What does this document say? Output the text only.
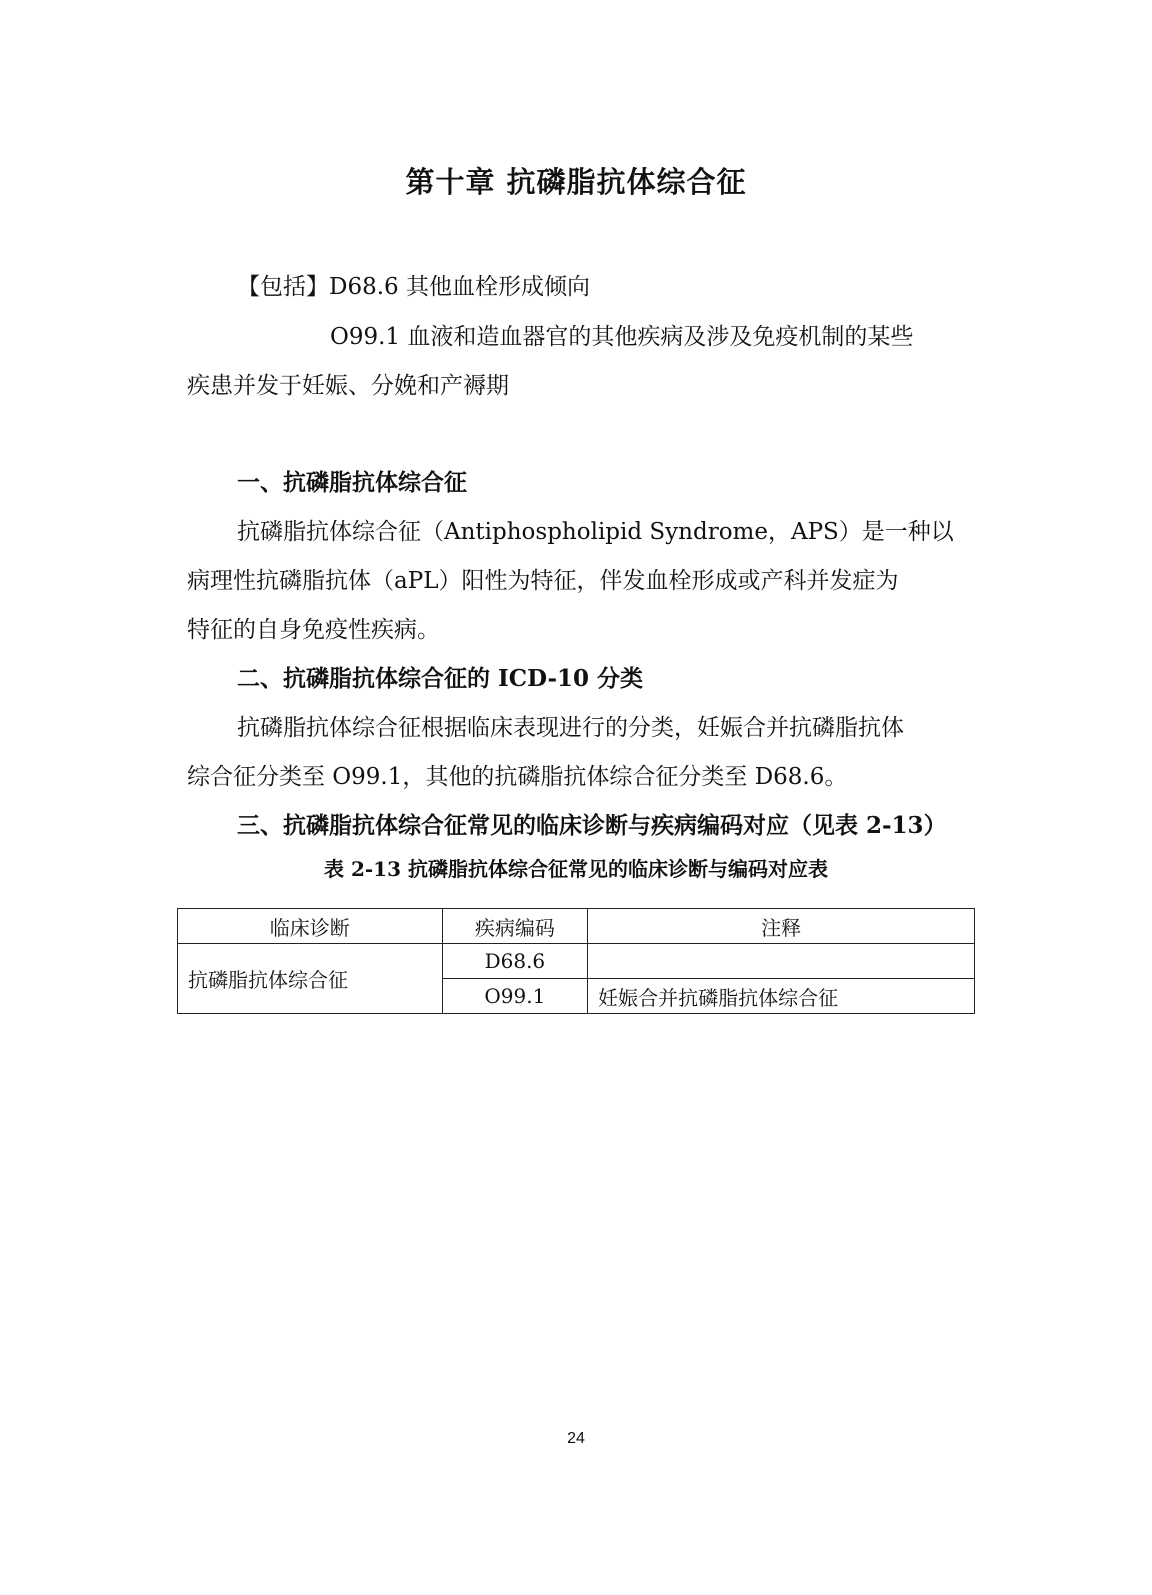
第十章 抗磷脂抗体综合征
【包括】D68.6 其他血栓形成倾向
O99.1 血液和造血器官的其他疾病及涉及免疫机制的某些
疾患并发于妊娠、分娩和产褥期
一、抗磷脂抗体综合征
抗磷脂抗体综合征（Antiphospholipid Syndrome，APS）是一种以
病理性抗磷脂抗体（aPL）阳性为特征，伴发血栓形成或产科并发症为
特征的自身免疫性疾病。
二、抗磷脂抗体综合征的 ICD-10 分类
抗磷脂抗体综合征根据临床表现进行的分类，妊娠合并抗磷脂抗体
综合征分类至 O99.1，其他的抗磷脂抗体综合征分类至 D68.6。
三、抗磷脂抗体综合征常见的临床诊断与疾病编码对应（见表 2-13）
表 2-13 抗磷脂抗体综合征常见的临床诊断与编码对应表
临床诊断	疾病编码	注释
抗磷脂抗体综合征	D68.6	
	O99.1	妊娠合并抗磷脂抗体综合征
24
